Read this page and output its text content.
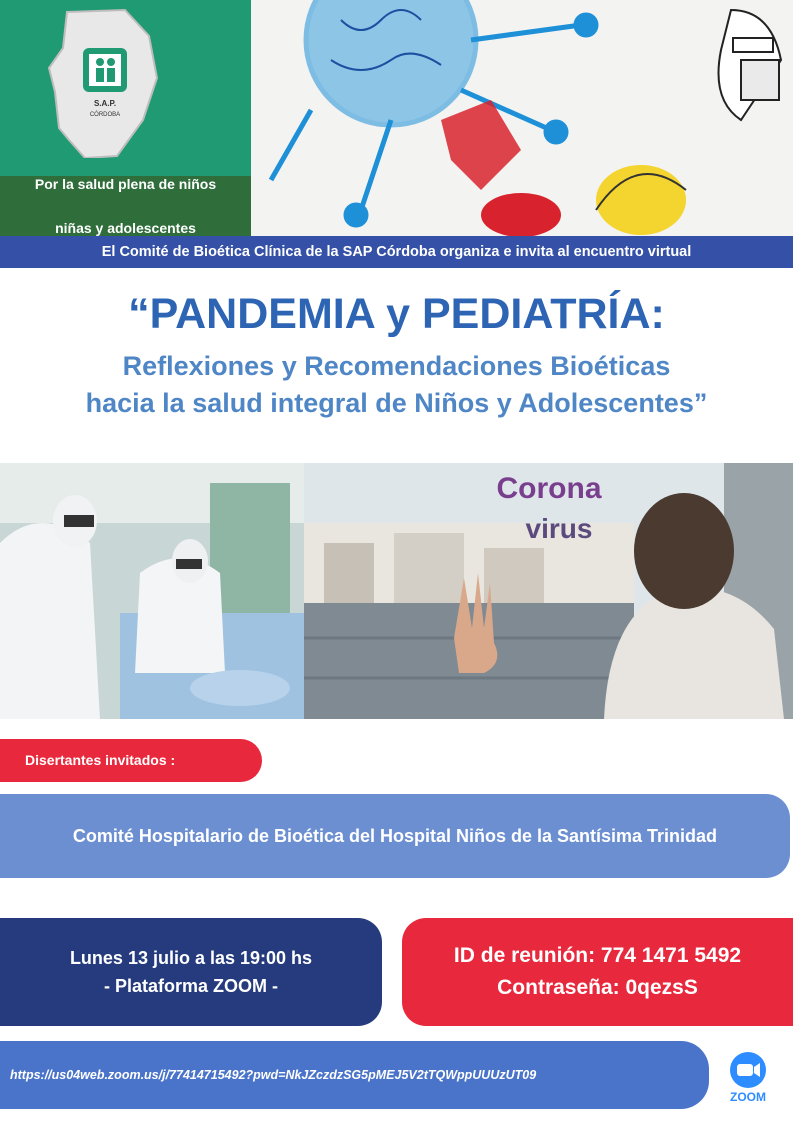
S.A.P.
CÓRDOBA
Por la salud plena de niños

niñas y adolescentes
El Comité de Bioética Clínica de la SAP Córdoba organiza e invita al encuentro virtual
“PANDEMIA y PEDIATRÍA:
Reflexiones y Recomendaciones Bioéticas
hacia la salud integral de Niños y Adolescentes”
Corona
virus
Disertantes invitados :
Comité Hospitalario de Bioética del Hospital Niños de la Santísima Trinidad
Lunes 13 julio a las 19:00 hs
- Plataforma ZOOM -
ID de reunión: 774 1471 5492
Contraseña: 0qezsS
https://us04web.zoom.us/j/77414715492?pwd=NkJZczdzSG5pMEJ5V2tTQWppUUUzUT09
ZOOM
